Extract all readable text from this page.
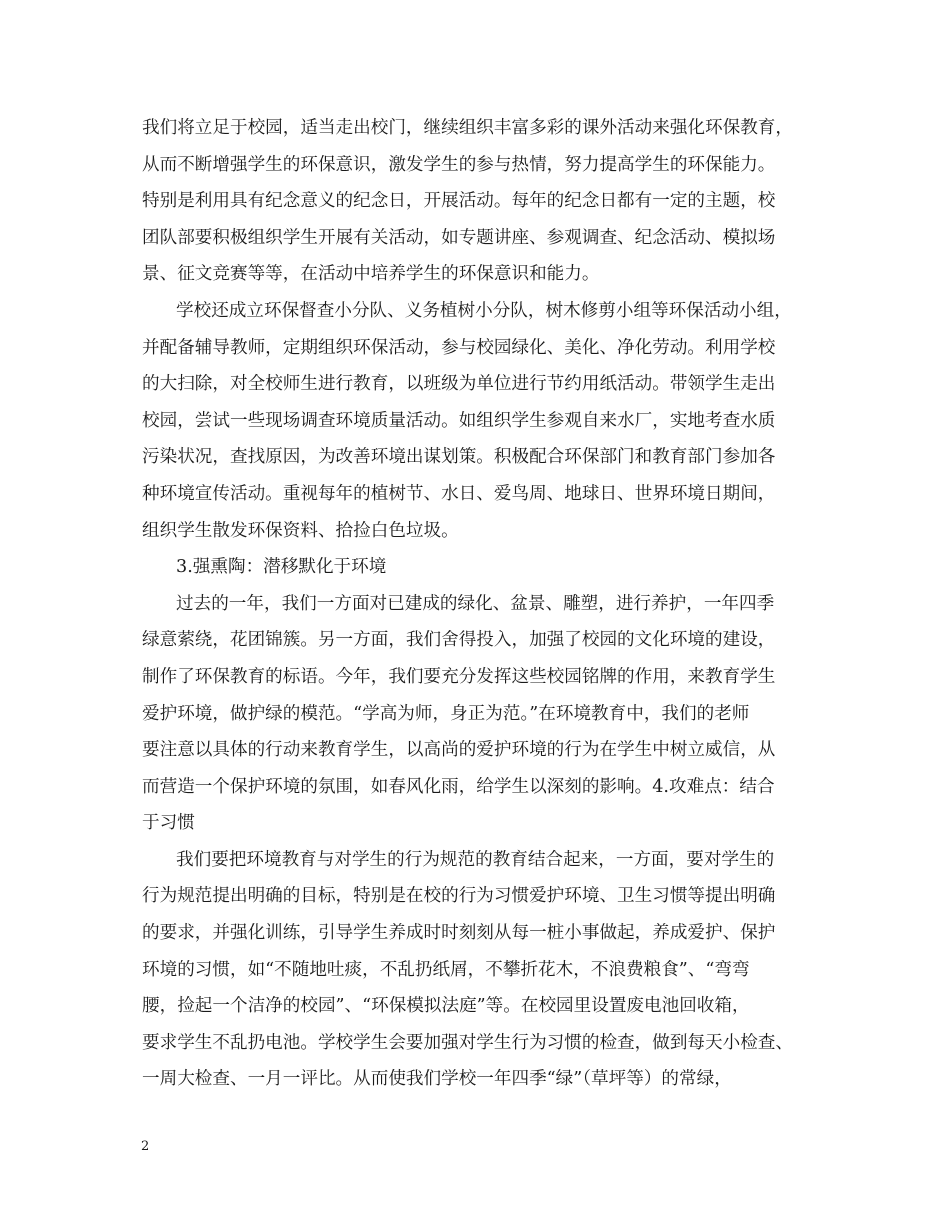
我们将立足于校园，适当走出校门，继续组织丰富多彩的课外活动来强化环保教育，
从而不断增强学生的环保意识，激发学生的参与热情，努力提高学生的环保能力。
特别是利用具有纪念意义的纪念日，开展活动。每年的纪念日都有一定的主题，校
团队部要积极组织学生开展有关活动，如专题讲座、参观调查、纪念活动、模拟场
景、征文竞赛等等，在活动中培养学生的环保意识和能力。
学校还成立环保督查小分队、义务植树小分队，树木修剪小组等环保活动小组，
并配备辅导教师，定期组织环保活动，参与校园绿化、美化、净化劳动。利用学校
的大扫除，对全校师生进行教育，以班级为单位进行节约用纸活动。带领学生走出
校园，尝试一些现场调查环境质量活动。如组织学生参观自来水厂，实地考查水质
污染状况，查找原因，为改善环境出谋划策。积极配合环保部门和教育部门参加各
种环境宣传活动。重视每年的植树节、水日、爱鸟周、地球日、世界环境日期间，
组织学生散发环保资料、拾捡白色垃圾。
3.强熏陶：潜移默化于环境
过去的一年，我们一方面对已建成的绿化、盆景、雕塑，进行养护，一年四季
绿意萦绕，花团锦簇。另一方面，我们舍得投入，加强了校园的文化环境的建设，
制作了环保教育的标语。今年，我们要充分发挥这些校园铭牌的作用，来教育学生
爱护环境，做护绿的模范。“学高为师，身正为范。”在环境教育中，我们的老师
要注意以具体的行动来教育学生，以高尚的爱护环境的行为在学生中树立威信，从
而营造一个保护环境的氛围，如春风化雨，给学生以深刻的影响。4.攻难点：结合
于习惯
我们要把环境教育与对学生的行为规范的教育结合起来，一方面，要对学生的
行为规范提出明确的目标，特别是在校的行为习惯爱护环境、卫生习惯等提出明确
的要求，并强化训练，引导学生养成时时刻刻从每一桩小事做起，养成爱护、保护
环境的习惯，如“不随地吐痰，不乱扔纸屑，不攀折花木，不浪费粮食”、“弯弯
腰，捡起一个洁净的校园”、“环保模拟法庭”等。在校园里设置废电池回收箱，
要求学生不乱扔电池。学校学生会要加强对学生行为习惯的检查，做到每天小检查、
一周大检查、一月一评比。从而使我们学校一年四季“绿”（草坪等）的常绿，
2
